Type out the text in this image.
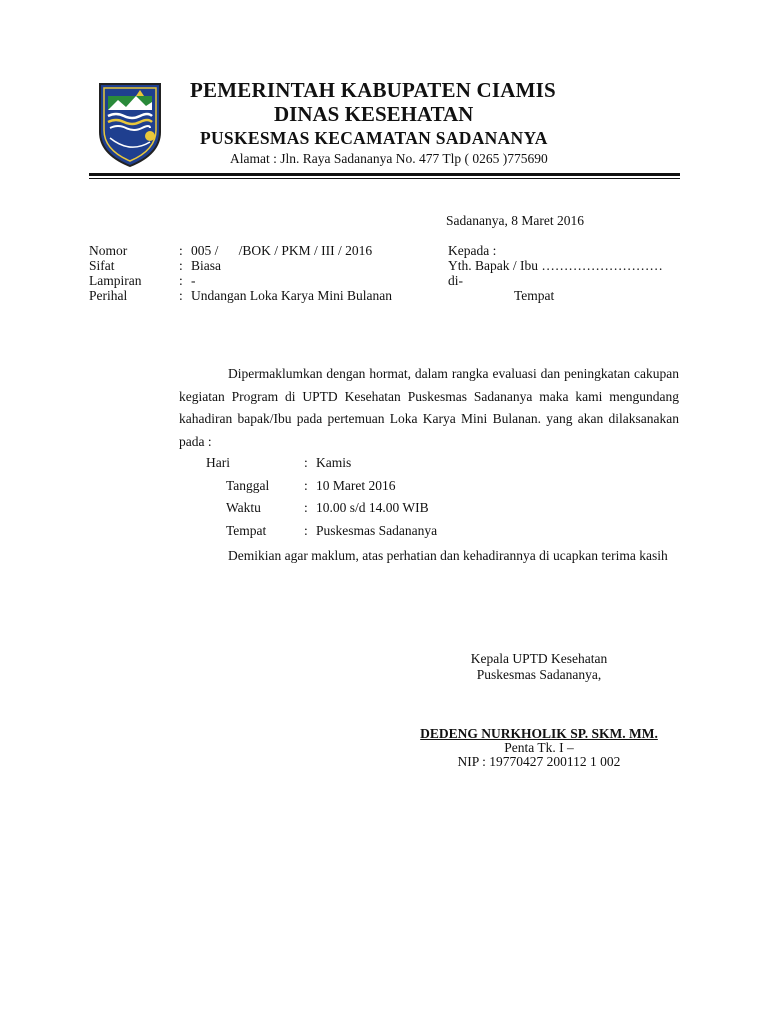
PEMERINTAH KABUPATEN CIAMIS
DINAS KESEHATAN
PUSKESMAS KECAMATAN SADANANYA
Alamat : Jln. Raya Sadananya No. 477 Tlp ( 0265 )775690
Sadananya, 8 Maret 2016
Nomor	: 005 /      /BOK / PKM / III / 2016
Sifat	: Biasa
Lampiran	: -
Perihal	: Undangan Loka Karya Mini Bulanan
Kepada :
Yth. Bapak / Ibu ………………………
di-
Tempat

Dipermaklumkan dengan hormat, dalam rangka evaluasi dan peningkatan cakupan kegiatan Program di UPTD Kesehatan Puskesmas Sadananya maka kami mengundang kahadiran bapak/Ibu pada pertemuan Loka Karya Mini Bulanan. yang akan dilaksanakan pada :

Hari	: Kamis
Tanggal	: 10 Maret 2016
Waktu	: 10.00 s/d 14.00 WIB
Tempat	: Puskesmas Sadananya

Demikian agar maklum, atas perhatian dan kehadirannya di ucapkan terima kasih

Kepala UPTD Kesehatan
Puskesmas Sadananya,
DEDENG NURKHOLIK SP. SKM. MM.
Penta Tk. I –
NIP : 19770427 200112 1 002
